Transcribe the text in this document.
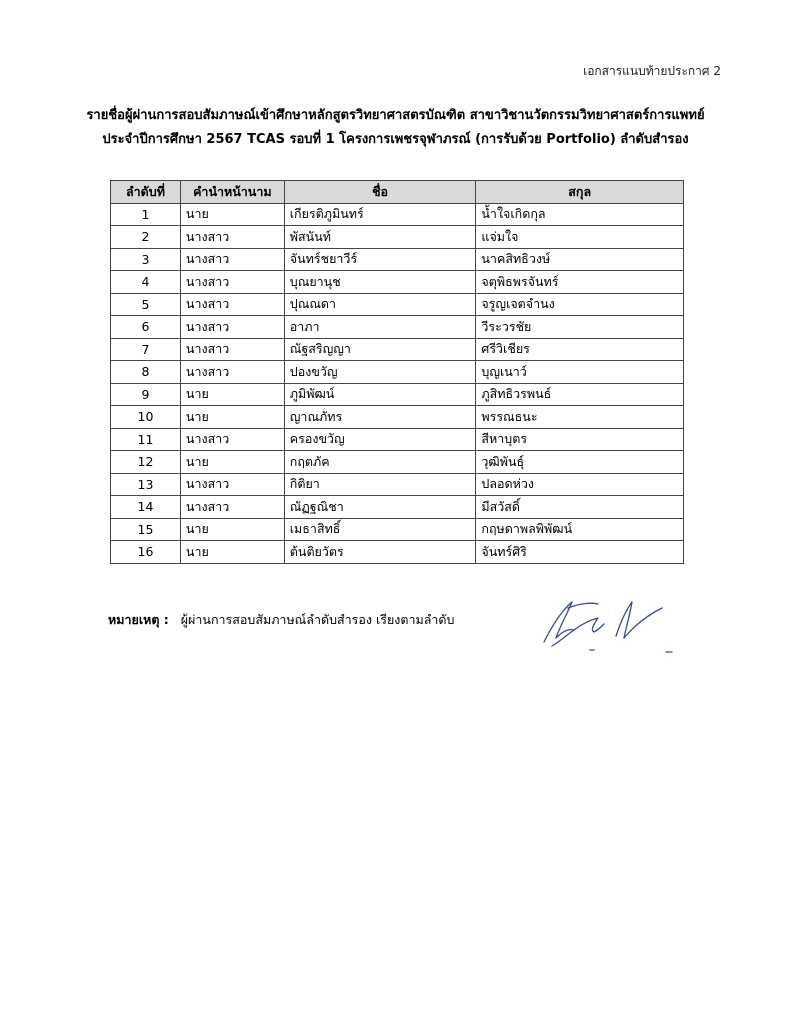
เอกสารแนบท้ายประกาศ 2
รายชื่อผู้ผ่านการสอบสัมภาษณ์เข้าศึกษาหลักสูตรวิทยาศาสตรบัณฑิต สาขาวิชานวัตกรรมวิทยาศาสตร์การแพทย์
ประจำปีการศึกษา 2567 TCAS รอบที่ 1 โครงการเพชรจุฬาภรณ์ (การรับด้วย Portfolio) ลำดับสำรอง
ลำดับที่	คำนำหน้านาม	ชื่อ	สกุล
1	นาย	เกียรติภูมินทร์	น้ำใจเกิดกุล
2	นางสาว	พัสนันท์	แจ่มใจ
3	นางสาว	จันทร์ชยาวีร์	นาคสิทธิวงษ์
4	นางสาว	บุณยานุช	จตุพิธพรจันทร์
5	นางสาว	ปุณณดา	จรูญเจตจำนง
6	นางสาว	อาภา	วีระวรชัย
7	นางสาว	ณัฐสริญญา	ศรีวิเชียร
8	นางสาว	ปองขวัญ	บุญเนาว์
9	นาย	ภูมิพัฒน์	ภูสิทธิวรพนธ์
10	นาย	ญาณภัทร	พรรณธนะ
11	นางสาว	ครองขวัญ	สีหาบุตร
12	นาย	กฤตภัค	วุฒิพันธุ์
13	นางสาว	กิติยา	ปลอดห่วง
14	นางสาว	ณัฏฐณิชา	มีสวัสดิ์
15	นาย	เมธาสิทธิ์	กฤษดาพลพิพัฒน์
16	นาย	ต้นติยวัตร	จันทร์ศิริ
หมายเหตุ : ผู้ผ่านการสอบสัมภาษณ์ลำดับสำรอง เรียงตามลำดับ
